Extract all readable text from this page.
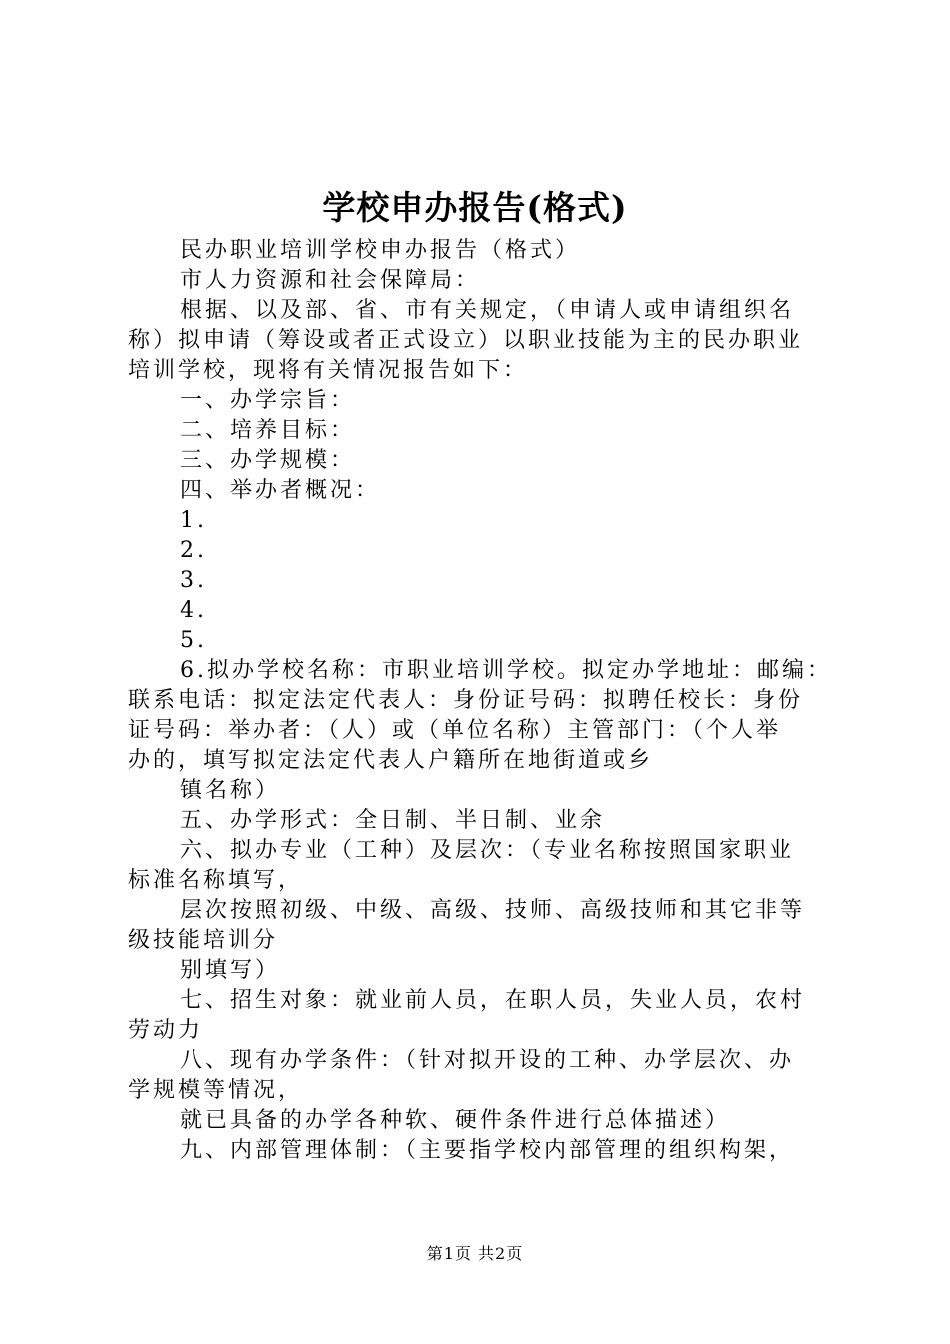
学校申办报告(格式)
民办职业培训学校申办报告（格式）
市人力资源和社会保障局：
根据、以及部、省、市有关规定，（申请人或申请组织名
称）拟申请（筹设或者正式设立）以职业技能为主的民办职业
培训学校，现将有关情况报告如下：
一、办学宗旨：
二、培养目标：
三、办学规模：
四、举办者概况：
1.
2.
3.
4.
5.
6.拟办学校名称：市职业培训学校。拟定办学地址：邮编：
联系电话：拟定法定代表人：身份证号码：拟聘任校长：身份
证号码：举办者：（人）或（单位名称）主管部门：（个人举
办的，填写拟定法定代表人户籍所在地街道或乡
镇名称）
五、办学形式：全日制、半日制、业余
六、拟办专业（工种）及层次：（专业名称按照国家职业
标准名称填写，
层次按照初级、中级、高级、技师、高级技师和其它非等
级技能培训分
别填写）
七、招生对象：就业前人员，在职人员，失业人员，农村
劳动力
八、现有办学条件：（针对拟开设的工种、办学层次、办
学规模等情况，
就已具备的办学各种软、硬件条件进行总体描述）
九、内部管理体制：（主要指学校内部管理的组织构架，
第1页 共2页
